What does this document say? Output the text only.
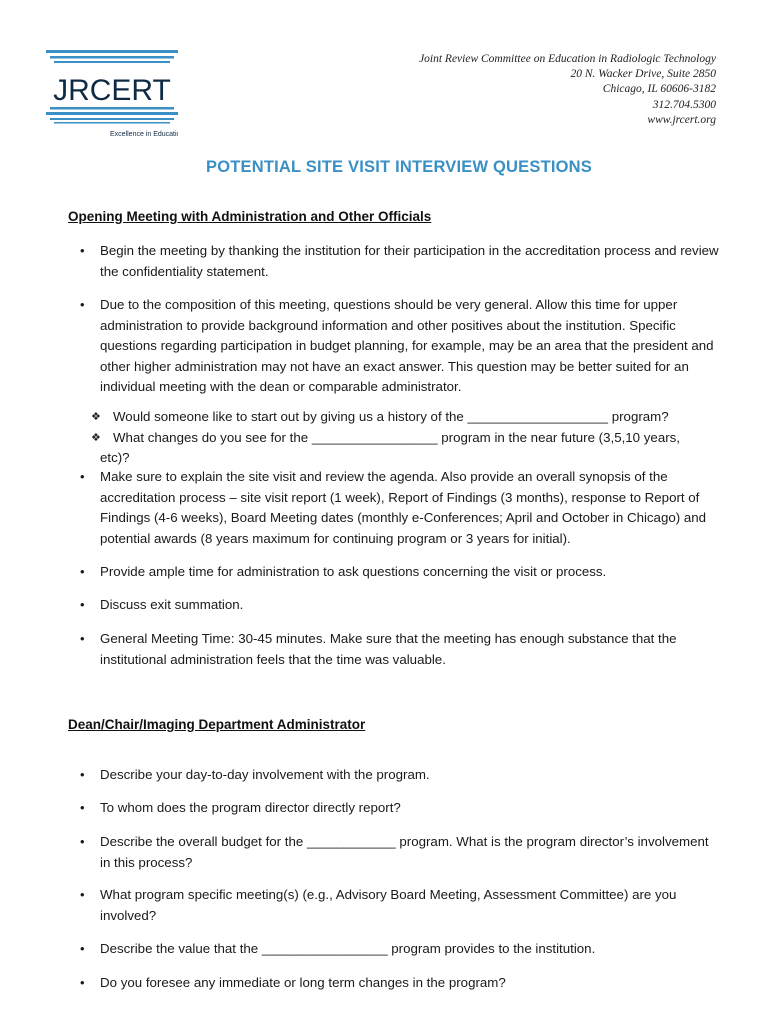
JRCERT
Excellence in Education
Joint Review Committee on Education in Radiologic Technology
20 N. Wacker Drive, Suite 2850
Chicago, IL 60606-3182
312.704.5300
www.jrcert.org
POTENTIAL SITE VISIT INTERVIEW QUESTIONS
Opening Meeting with Administration and Other Officials
• Begin the meeting by thanking the institution for their participation in the accreditation process and review the confidentiality statement.
• Due to the composition of this meeting, questions should be very general. Allow this time for upper administration to provide background information and other positives about the institution. Specific questions regarding participation in budget planning, for example, may be an area that the president and other higher administration may not have an exact answer. This question may be better suited for an individual meeting with the dean or comparable administrator.
❖ Would someone like to start out by giving us a history of the ___________________ program?
❖ What changes do you see for the _________________ program in the near future (3,5,10 years,
etc)?
• Make sure to explain the site visit and review the agenda. Also provide an overall synopsis of the accreditation process – site visit report (1 week), Report of Findings (3 months), response to Report of Findings (4-6 weeks), Board Meeting dates (monthly e-Conferences; April and October in Chicago) and potential awards (8 years maximum for continuing program or 3 years for initial).
• Provide ample time for administration to ask questions concerning the visit or process.
• Discuss exit summation.
• General Meeting Time: 30-45 minutes. Make sure that the meeting has enough substance that the institutional administration feels that the time was valuable.
Dean/Chair/Imaging Department Administrator
• Describe your day-to-day involvement with the program.
• To whom does the program director directly report?
• Describe the overall budget for the ____________ program. What is the program director’s involvement in this process?
• What program specific meeting(s) (e.g., Advisory Board Meeting, Assessment Committee) are you involved?
• Describe the value that the _________________ program provides to the institution.
• Do you foresee any immediate or long term changes in the program?
